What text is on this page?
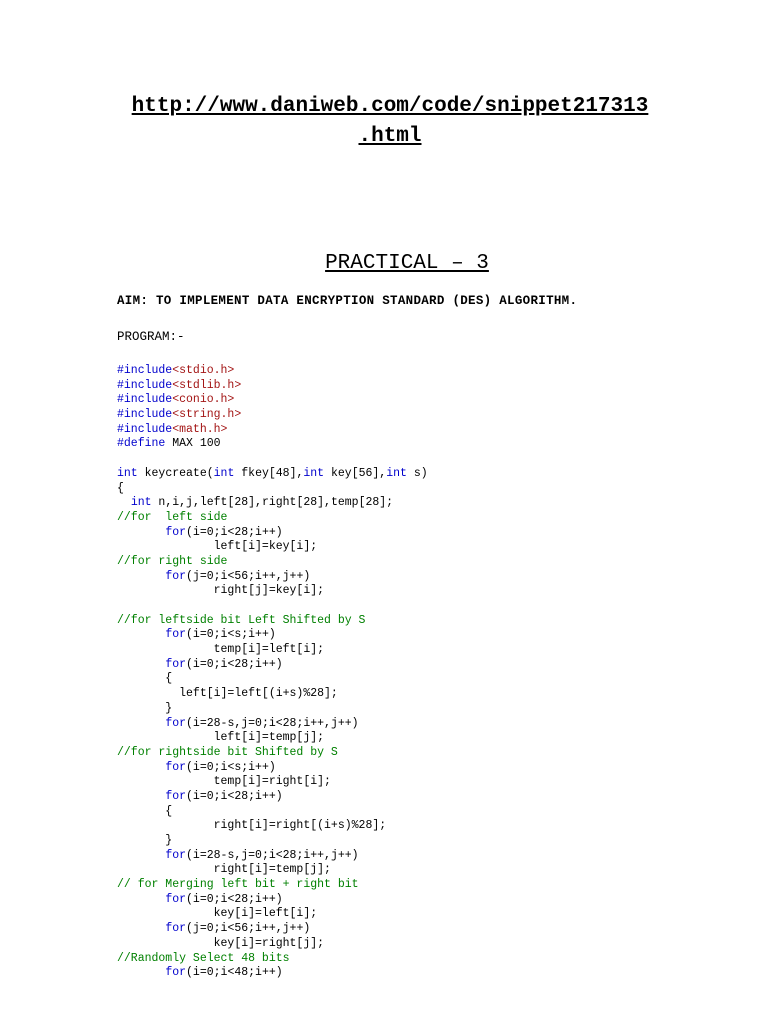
http://www.daniweb.com/code/snippet217313
.html
PRACTICAL – 3
AIM: TO IMPLEMENT DATA ENCRYPTION STANDARD (DES) ALGORITHM.
PROGRAM:-
#include<stdio.h>
#include<stdlib.h>
#include<conio.h>
#include<string.h>
#include<math.h>
#define MAX 100
int keycreate(int fkey[48],int key[56],int s)
{
int n,i,j,left[28],right[28],temp[28];
//for  left side
for(i=0;i<28;i++)
left[i]=key[i];
//for right side
for(j=0;i<56;i++,j++)
right[j]=key[i];
//for leftside bit Left Shifted by S
for(i=0;i<s;i++)
temp[i]=left[i];
for(i=0;i<28;i++)
{
left[i]=left[(i+s)%28];
}
for(i=28-s,j=0;i<28;i++,j++)
left[i]=temp[j];
//for rightside bit Shifted by S
for(i=0;i<s;i++)
temp[i]=right[i];
for(i=0;i<28;i++)
{
right[i]=right[(i+s)%28];
}
for(i=28-s,j=0;i<28;i++,j++)
right[i]=temp[j];
// for Merging left bit + right bit
for(i=0;i<28;i++)
key[i]=left[i];
for(j=0;i<56;i++,j++)
key[i]=right[j];
//Randomly Select 48 bits
for(i=0;i<48;i++)
